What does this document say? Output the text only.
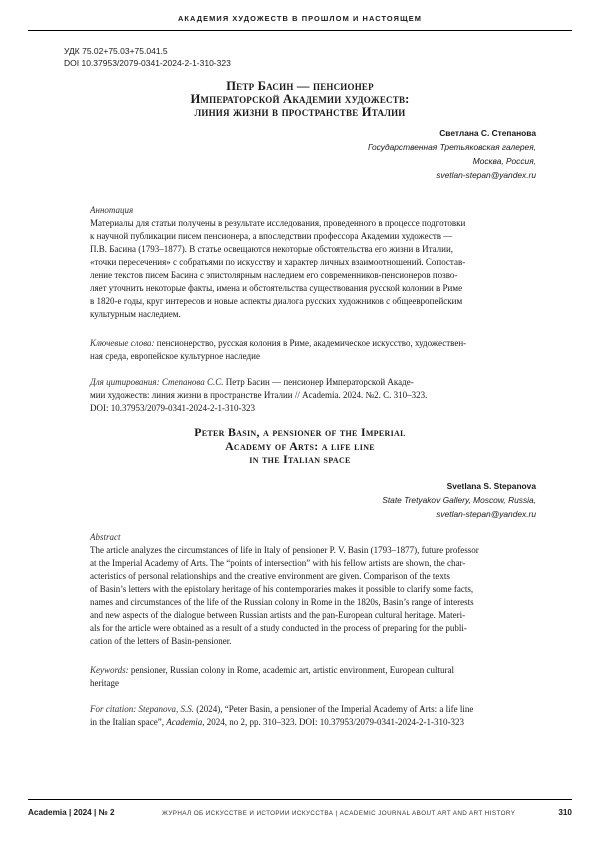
АКАДЕМИЯ ХУДОЖЕСТВ В ПРОШЛОМ И НАСТОЯЩЕМ
УДК 75.02+75.03+75.041.5
DOI 10.37953/2079-0341-2024-2-1-310-323
Петр Басин — пенсионер
Императорской Академии художеств:
линия жизни в пространстве Италии
Светлана С. Степанова
Государственная Третьяковская галерея,
Москва, Россия,
svetlan-stepan@yandex.ru
Аннотация
Материалы для статьи получены в результате исследования, проведенного в процессе подготовки
к научной публикации писем пенсионера, а впоследствии профессора Академии художеств —
П.В. Басина (1793–1877). В статье освещаются некоторые обстоятельства его жизни в Италии,
«точки пересечения» с собратьями по искусству и характер личных взаимоотношений. Сопостав-
ление текстов писем Басина с эпистолярным наследием его современников-пенсионеров позво-
ляет уточнить некоторые факты, имена и обстоятельства существования русской колонии в Риме
в 1820-е годы, круг интересов и новые аспекты диалога русских художников с общеевропейским
культурным наследием.
Ключевые слова: пенсионерство, русская колония в Риме, академическое искусство, художествен-
ная среда, европейское культурное наследие
Для цитирования: Степанова С.С. Петр Басин — пенсионер Императорской Акаде-
мии художеств: линия жизни в пространстве Италии // Academia. 2024. №2. С. 310–323.
DOI: 10.37953/2079-0341-2024-2-1-310-323
Peter Basin, a pensioner of the Imperial
Academy of Arts: a life line
in the Italian space
Svetlana S. Stepanova
State Tretyakov Gallery, Moscow, Russia,
svetlan-stepan@yandex.ru
Abstract
The article analyzes the circumstances of life in Italy of pensioner P. V. Basin (1793–1877), future professor
at the Imperial Academy of Arts. The “points of intersection” with his fellow artists are shown, the char-
acteristics of personal relationships and the creative environment are given. Comparison of the texts
of Basin’s letters with the epistolary heritage of his contemporaries makes it possible to clarify some facts,
names and circumstances of the life of the Russian colony in Rome in the 1820s, Basin’s range of interests
and new aspects of the dialogue between Russian artists and the pan-European cultural heritage. Materi-
als for the article were obtained as a result of a study conducted in the process of preparing for the publi-
cation of the letters of Basin-pensioner.
Keywords: pensioner, Russian colony in Rome, academic art, artistic environment, European cultural
heritage
For citation: Stepanova, S.S. (2024), “Peter Basin, a pensioner of the Imperial Academy of Arts: a life line
in the Italian space”, Academia, 2024, no 2, pp. 310–323. DOI: 10.37953/2079-0341-2024-2-1-310-323
Academia | 2024 | № 2	ЖУРНАЛ ОБ ИСКУССТВЕ И ИСТОРИИ ИСКУССТВА | ACADEMIC JOURNAL ABOUT ART AND ART HISTORY	310
